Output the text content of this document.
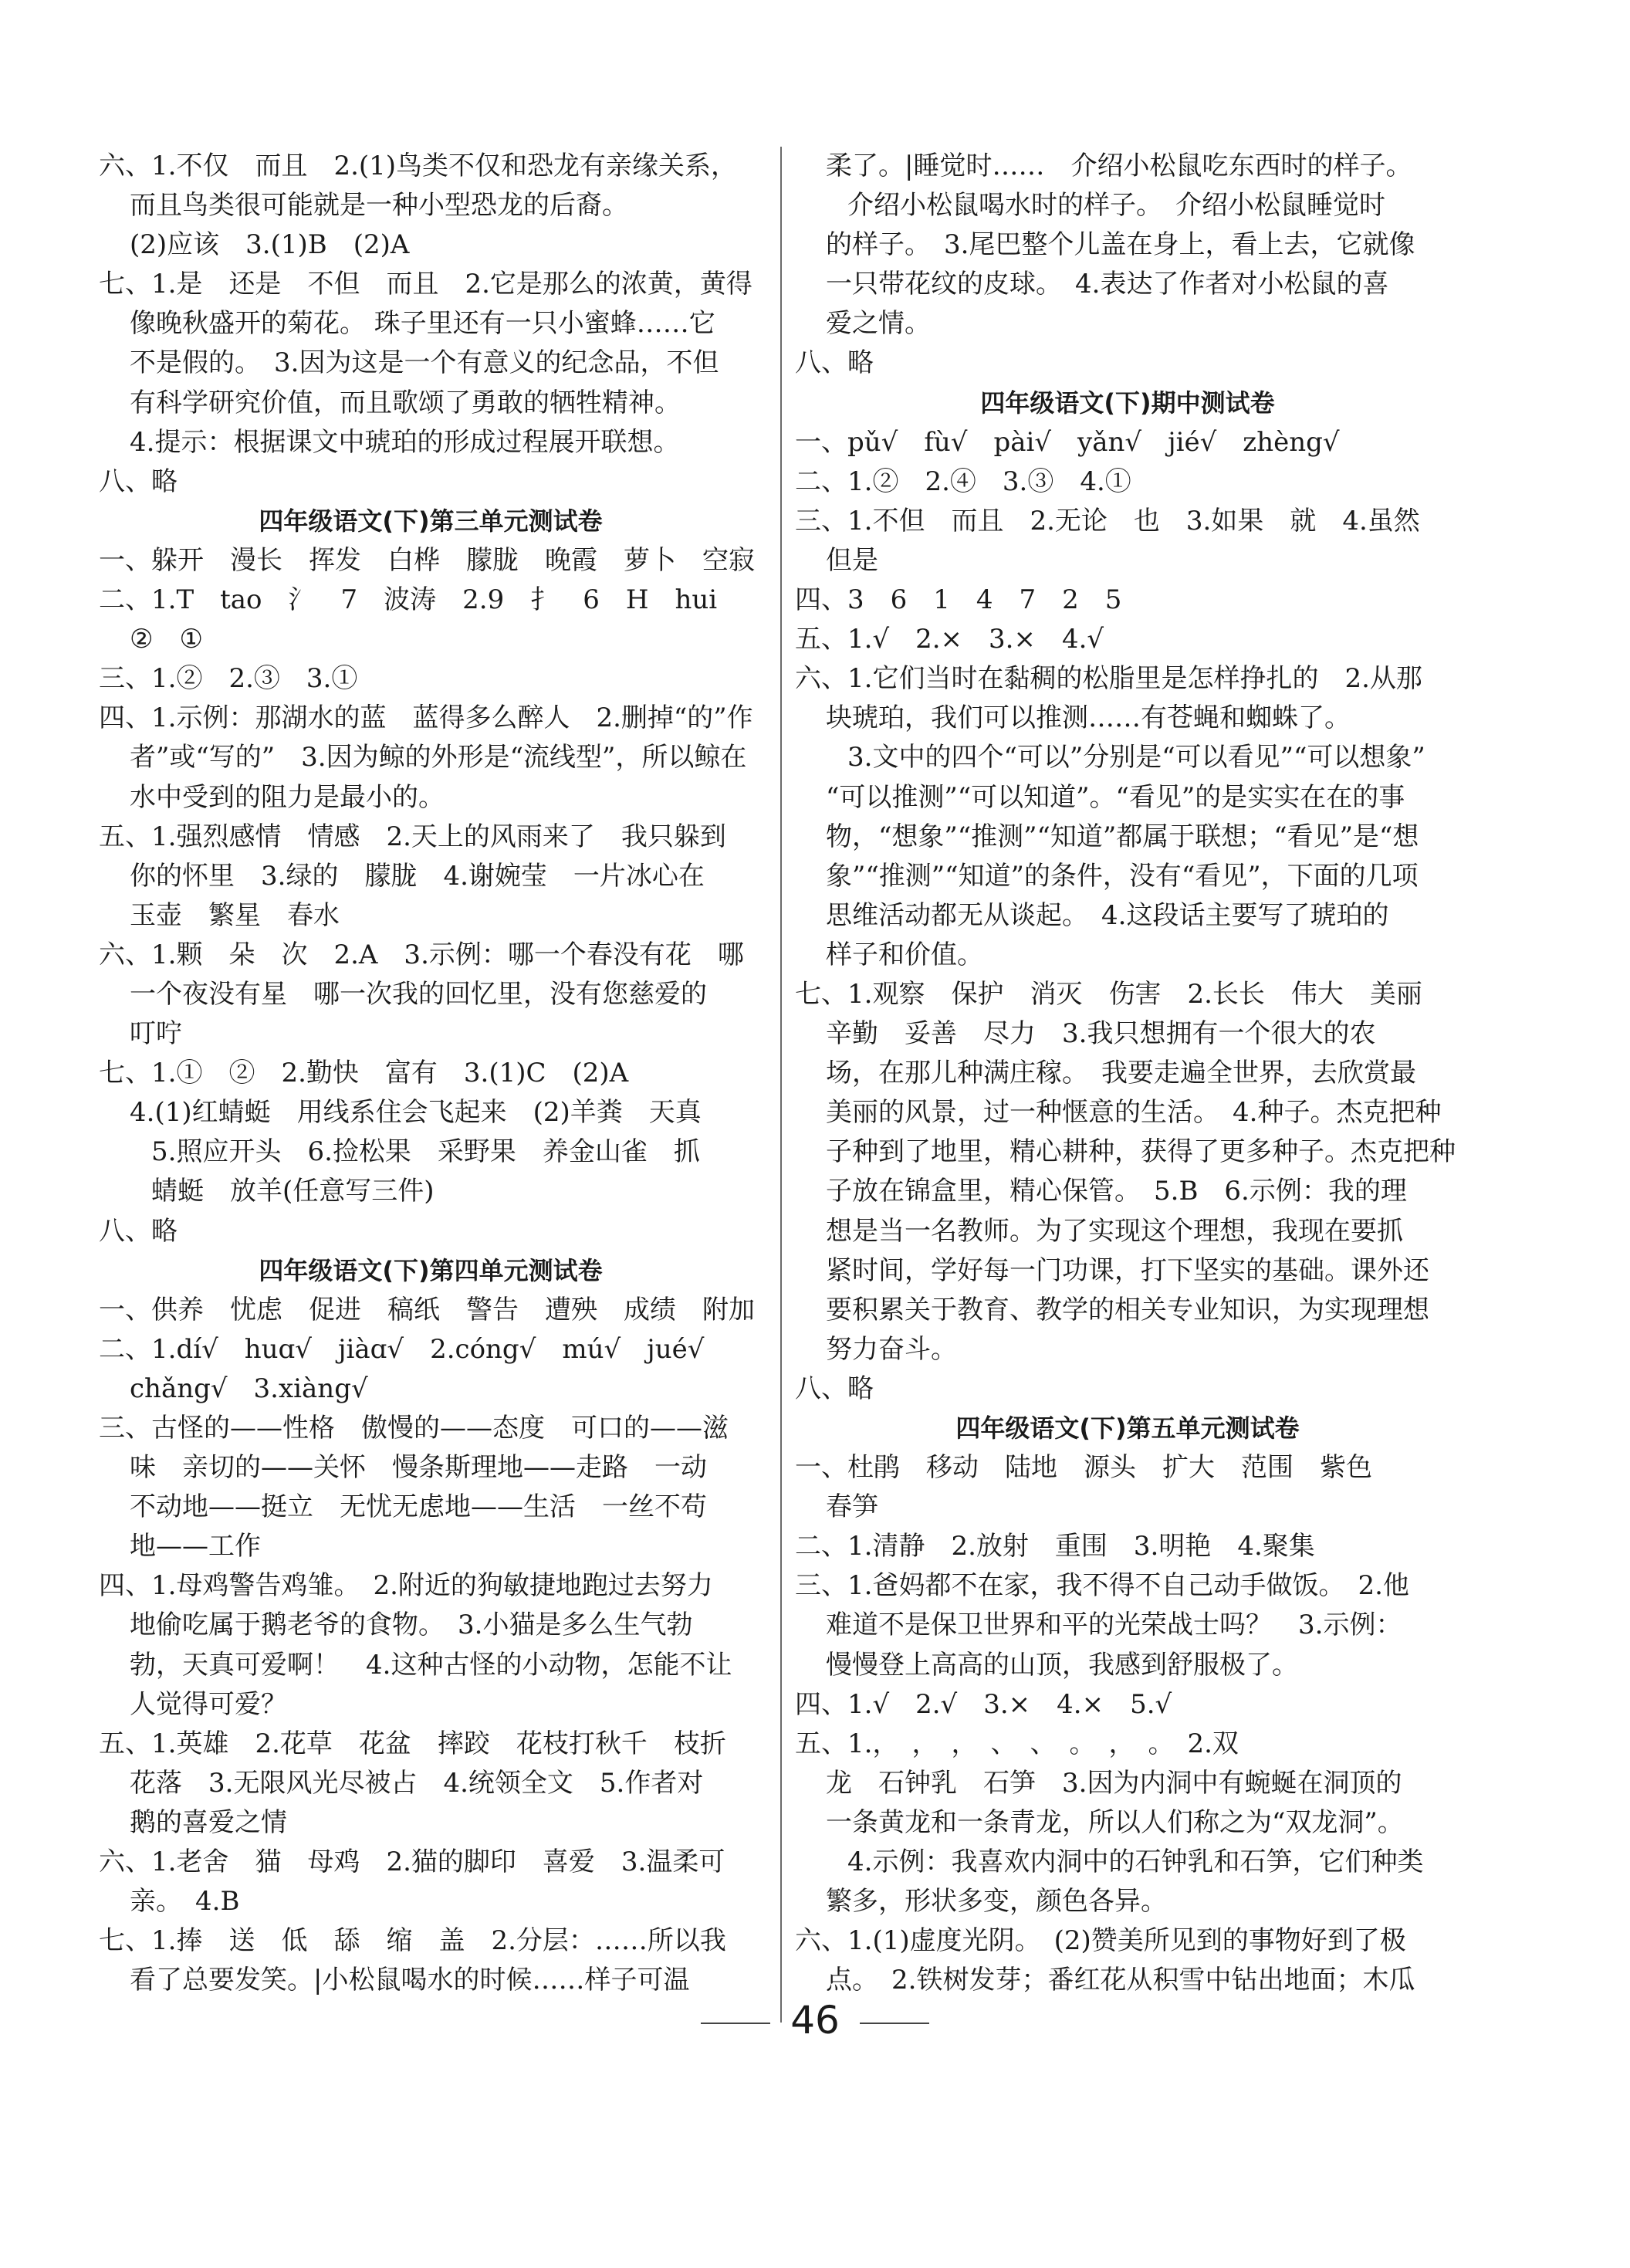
六、1.不仅　而且　2.(1)鸟类不仅和恐龙有亲缘关系，
而且鸟类很可能就是一种小型恐龙的后裔。
(2)应该　3.(1)B　(2)A
七、1.是　还是　不但　而且　2.它是那么的浓黄，黄得
像晚秋盛开的菊花。 珠子里还有一只小蜜蜂……它
不是假的。　3.因为这是一个有意义的纪念品，不但
有科学研究价值，而且歌颂了勇敢的牺牲精神。
4.提示：根据课文中琥珀的形成过程展开联想。
八、略
四年级语文(下)第三单元测试卷
一、躲开　漫长　挥发　白桦　朦胧　晚霞　萝卜　空寂
二、1.T　tao　氵　7　波涛　2.9　扌　6　H　hui
②　①
三、1.②　2.③　3.①
四、1.示例：那湖水的蓝　蓝得多么醉人　2.删掉“的”作
者”或“写的”　3.因为鲸的外形是“流线型”，所以鲸在
水中受到的阻力是最小的。
五、1.强烈感情　情感　2.天上的风雨来了　我只躲到
你的怀里　3.绿的　朦胧　4.谢婉莹　一片冰心在
玉壶　繁星　春水
六、1.颗　朵　次　2.A　3.示例：哪一个春没有花　哪
一个夜没有星　哪一次我的回忆里，没有您慈爱的
叮咛
七、1.①　②　2.勤快　富有　3.(1)C　(2)A
4.(1)红蜻蜓　用线系住会飞起来　(2)羊粪　天真
5.照应开头　6.捡松果　采野果　养金山雀　抓
蜻蜓　放羊(任意写三件)
八、略
四年级语文(下)第四单元测试卷
一、供养　忧虑　促进　稿纸　警告　遭殃　成绩　附加
二、1.dí√　huɑ√　jiàɑ√　2.cóng√　mú√　jué√
chǎng√　3.xiàng√
三、古怪的——性格　傲慢的——态度　可口的——滋
味　亲切的——关怀　慢条斯理地——走路　一动
不动地——挺立　无忧无虑地——生活　一丝不苟
地——工作
四、1.母鸡警告鸡雏。　2.附近的狗敏捷地跑过去努力
地偷吃属于鹅老爷的食物。　3.小猫是多么生气勃
勃，天真可爱啊！　4.这种古怪的小动物，怎能不让
人觉得可爱？
五、1.英雄　2.花草　花盆　摔跤　花枝打秋千　枝折
花落　3.无限风光尽被占　4.统领全文　5.作者对
鹅的喜爱之情
六、1.老舍　猫　母鸡　2.猫的脚印　喜爱　3.温柔可
亲。　4.B
七、1.捧　送　低　舔　缩　盖　2.分层：……所以我
看了总要发笑。|小松鼠喝水的时候……样子可温
柔了。|睡觉时……　介绍小松鼠吃东西时的样子。
介绍小松鼠喝水时的样子。　介绍小松鼠睡觉时
的样子。　3.尾巴整个儿盖在身上，看上去，它就像
一只带花纹的皮球。　4.表达了作者对小松鼠的喜
爱之情。
八、略
四年级语文(下)期中测试卷
一、pǔ√　fù√　pài√　yǎn√　jié√　zhèng√
二、1.②　2.④　3.③　4.①
三、1.不但　而且　2.无论　也　3.如果　就　4.虽然
但是
四、3　6　1　4　7　2　5
五、1.√　2.×　3.×　4.√
六、1.它们当时在黏稠的松脂里是怎样挣扎的　2.从那
块琥珀，我们可以推测……有苍蝇和蜘蛛了。
3.文中的四个“可以”分别是“可以看见”“可以想象”
“可以推测”“可以知道”。“看见”的是实实在在的事
物，“想象”“推测”“知道”都属于联想；“看见”是“想
象”“推测”“知道”的条件，没有“看见”，下面的几项
思维活动都无从谈起。　4.这段话主要写了琥珀的
样子和价值。
七、1.观察　保护　消灭　伤害　2.长长　伟大　美丽
辛勤　妥善　尽力　3.我只想拥有一个很大的农
场，在那儿种满庄稼。　我要走遍全世界，去欣赏最
美丽的风景，过一种惬意的生活。　4.种子。杰克把种
子种到了地里，精心耕种，获得了更多种子。杰克把种
子放在锦盒里，精心保管。　5.B　6.示例：我的理
想是当一名教师。为了实现这个理想，我现在要抓
紧时间，学好每一门功课，打下坚实的基础。课外还
要积累关于教育、教学的相关专业知识，为实现理想
努力奋斗。
八、略
四年级语文(下)第五单元测试卷
一、杜鹃　移动　陆地　源头　扩大　范围　紫色
春笋
二、1.清静　2.放射　重围　3.明艳　4.聚集
三、1.爸妈都不在家，我不得不自己动手做饭。　2.他
难道不是保卫世界和平的光荣战士吗？　3.示例：
慢慢登上高高的山顶，我感到舒服极了。
四、1.√　2.√　3.×　4.×　5.√
五、1.，　，　，　、　、　。　，　。　2.双
龙　石钟乳　石笋　3.因为内洞中有蜿蜒在洞顶的
一条黄龙和一条青龙，所以人们称之为“双龙洞”。
4.示例：我喜欢内洞中的石钟乳和石笋，它们种类
繁多，形状多变，颜色各异。
六、1.(1)虚度光阴。　(2)赞美所见到的事物好到了极
点。　2.铁树发芽；番红花从积雪中钻出地面；木瓜
46
